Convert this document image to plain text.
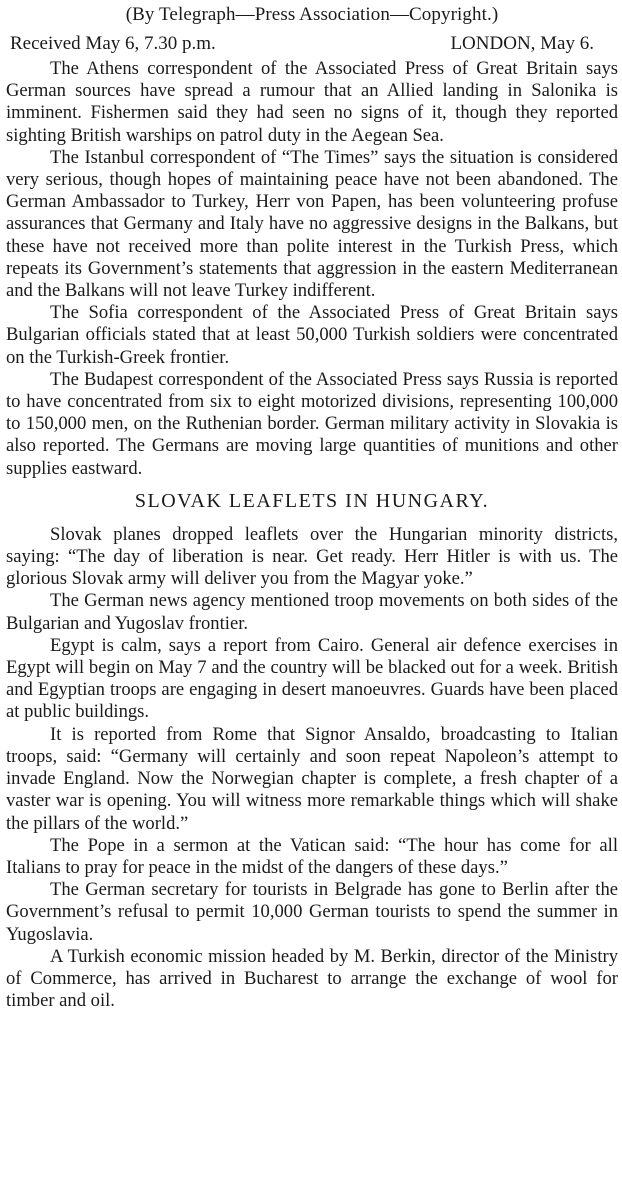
(By Telegraph—Press Association—Copyright.)
Received May 6, 7.30 p.m.	LONDON, May 6.

The Athens correspondent of the Associated Press of Great Britain says German sources have spread a rumour that an Allied landing in Salonika is imminent. Fishermen said they had seen no signs of it, though they reported sighting British warships on patrol duty in the Aegean Sea.

The Istanbul correspondent of “The Times” says the situation is considered very serious, though hopes of maintaining peace have not been abandoned. The German Ambassador to Turkey, Herr von Papen, has been volunteering profuse assurances that Germany and Italy have no aggressive designs in the Balkans, but these have not received more than polite interest in the Turkish Press, which repeats its Government’s statements that aggression in the eastern Mediterranean and the Balkans will not leave Turkey indifferent.

The Sofia correspondent of the Associated Press of Great Britain says Bulgarian officials stated that at least 50,000 Turkish soldiers were concentrated on the Turkish-Greek frontier.

The Budapest correspondent of the Associated Press says Russia is reported to have concentrated from six to eight motorized divisions, representing 100,000 to 150,000 men, on the Ruthenian border. German military activity in Slovakia is also reported. The Germans are moving large quantities of munitions and other supplies eastward.

SLOVAK LEAFLETS IN HUNGARY.

Slovak planes dropped leaflets over the Hungarian minority districts, saying: “The day of liberation is near. Get ready. Herr Hitler is with us. The glorious Slovak army will deliver you from the Magyar yoke.”

The German news agency mentioned troop movements on both sides of the Bulgarian and Yugoslav frontier.

Egypt is calm, says a report from Cairo. General air defence exercises in Egypt will begin on May 7 and the country will be blacked out for a week. British and Egyptian troops are engaging in desert manoeuvres. Guards have been placed at public buildings.

It is reported from Rome that Signor Ansaldo, broadcasting to Italian troops, said: “Germany will certainly and soon repeat Napoleon’s attempt to invade England. Now the Norwegian chapter is complete, a fresh chapter of a vaster war is opening. You will witness more remarkable things which will shake the pillars of the world.”

The Pope in a sermon at the Vatican said: “The hour has come for all Italians to pray for peace in the midst of the dangers of these days.”

The German secretary for tourists in Belgrade has gone to Berlin after the Government’s refusal to permit 10,000 German tourists to spend the summer in Yugoslavia.

A Turkish economic mission headed by M. Berkin, director of the Ministry of Commerce, has arrived in Bucharest to arrange the exchange of wool for timber and oil.
